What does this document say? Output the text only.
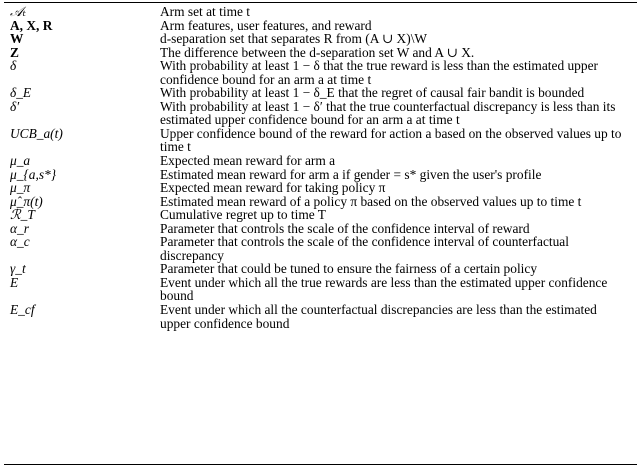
𝒜ₜ	Arm set at time t
A, X, R	Arm features, user features, and reward
W	d-separation set that separates R from (A ∪ X)\W
Z	The difference between the d-separation set W and A ∪ X.
δ	With probability at least 1 − δ that the true reward is less than the estimated upper confidence bound for an arm a at time t
δ_E	With probability at least 1 − δ_E that the regret of causal fair bandit is bounded
δ′	With probability at least 1 − δ′ that the true counterfactual discrepancy is less than its estimated upper confidence bound for an arm a at time t
UCB_a(t)	Upper confidence bound of the reward for action a based on the observed values up to time t
μ_a	Expected mean reward for arm a
μ_{a,s*}	Estimated mean reward for arm a if gender = s* given the user's profile
μ_π	Expected mean reward for taking policy π
μ̂_π(t)	Estimated mean reward of a policy π based on the observed values up to time t
ℛ_T	Cumulative regret up to time T
α_r	Parameter that controls the scale of the confidence interval of reward
α_c	Parameter that controls the scale of the confidence interval of counterfactual discrepancy
γ_t	Parameter that could be tuned to ensure the fairness of a certain policy
E	Event under which all the true rewards are less than the estimated upper confidence bound
E_cf	Event under which all the counterfactual discrepancies are less than the estimated upper confidence bound
